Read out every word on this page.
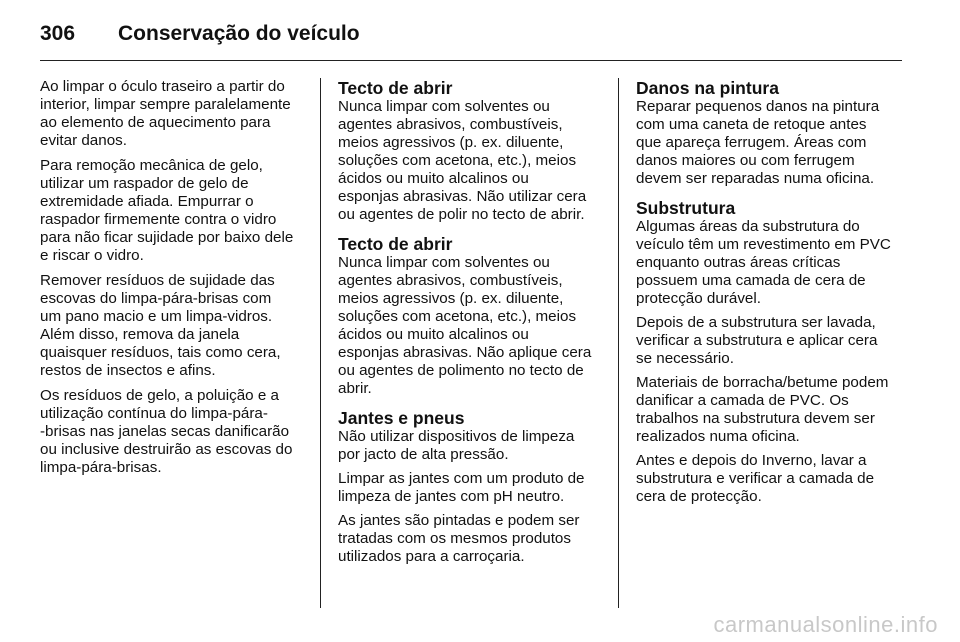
306	Conservação do veículo

Ao limpar o óculo traseiro a partir do
interior, limpar sempre paralelamente
ao elemento de aquecimento para
evitar danos.

Para remoção mecânica de gelo,
utilizar um raspador de gelo de
extremidade afiada. Empurrar o
raspador firmemente contra o vidro
para não ficar sujidade por baixo dele
e riscar o vidro.

Remover resíduos de sujidade das
escovas do limpa-pára-brisas com
um pano macio e um limpa-vidros.
Além disso, remova da janela
quaisquer resíduos, tais como cera,
restos de insectos e afins.

Os resíduos de gelo, a poluição e a
utilização contínua do limpa-pára-
-brisas nas janelas secas danificarão
ou inclusive destruirão as escovas do
limpa-pára-brisas.

Tecto de abrir

Nunca limpar com solventes ou
agentes abrasivos, combustíveis,
meios agressivos (p. ex. diluente,
soluções com acetona, etc.), meios
ácidos ou muito alcalinos ou
esponjas abrasivas. Não utilizar cera
ou agentes de polir no tecto de abrir.

Tecto de abrir

Nunca limpar com solventes ou
agentes abrasivos, combustíveis,
meios agressivos (p. ex. diluente,
soluções com acetona, etc.), meios
ácidos ou muito alcalinos ou
esponjas abrasivas. Não aplique cera
ou agentes de polimento no tecto de
abrir.

Jantes e pneus

Não utilizar dispositivos de limpeza
por jacto de alta pressão.

Limpar as jantes com um produto de
limpeza de jantes com pH neutro.

As jantes são pintadas e podem ser
tratadas com os mesmos produtos
utilizados para a carroçaria.

Danos na pintura

Reparar pequenos danos na pintura
com uma caneta de retoque antes
que apareça ferrugem. Áreas com
danos maiores ou com ferrugem
devem ser reparadas numa oficina.

Substrutura

Algumas áreas da substrutura do
veículo têm um revestimento em PVC
enquanto outras áreas críticas
possuem uma camada de cera de
protecção durável.

Depois de a substrutura ser lavada,
verificar a substrutura e aplicar cera
se necessário.

Materiais de borracha/betume podem
danificar a camada de PVC. Os
trabalhos na substrutura devem ser
realizados numa oficina.

Antes e depois do Inverno, lavar a
substrutura e verificar a camada de
cera de protecção.

carmanualsonline.info
